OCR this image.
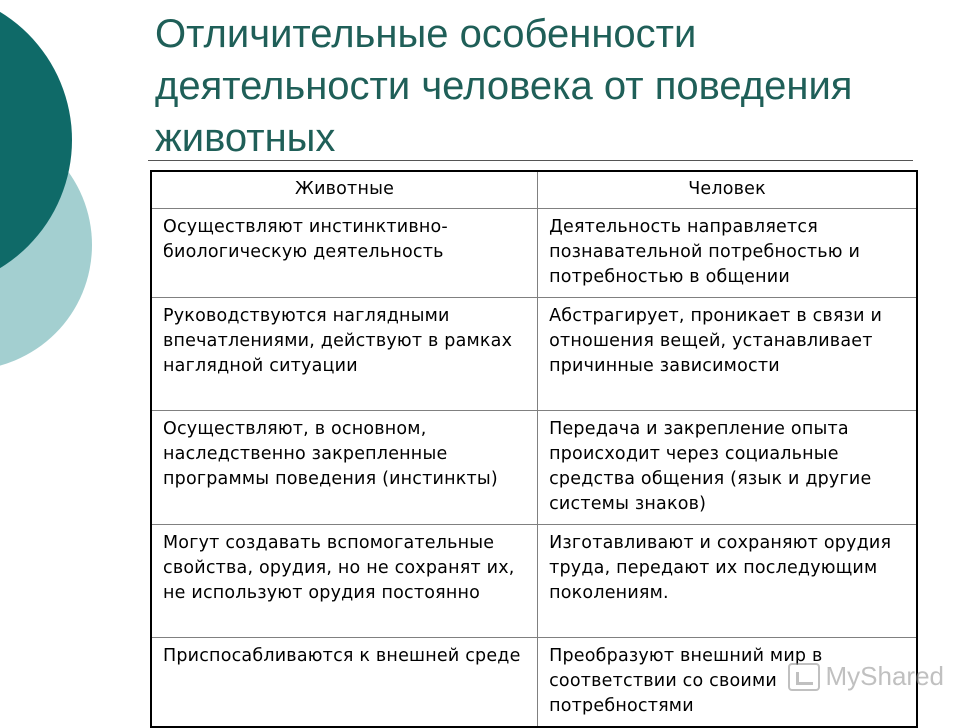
Отличительные особенности деятельности человека от поведения животных
Животные	Человек
Осуществляют инстинктивно-биологическую деятельность	Деятельность направляется познавательной потребностью и потребностью в общении
Руководствуются наглядными впечатлениями, действуют в рамках наглядной ситуации	Абстрагирует, проникает в связи и отношения вещей, устанавливает причинные зависимости
Осуществляют, в основном, наследственно закрепленные программы поведения (инстинкты)	Передача и закрепление опыта происходит через социальные средства общения (язык и другие системы знаков)
Могут создавать вспомогательные свойства, орудия, но не сохранят их, не используют орудия постоянно	Изготавливают и сохраняют орудия труда, передают их последующим поколениям.
Приспосабливаются к внешней среде	Преобразуют внешний мир в соответствии со своими потребностями
MyShared
